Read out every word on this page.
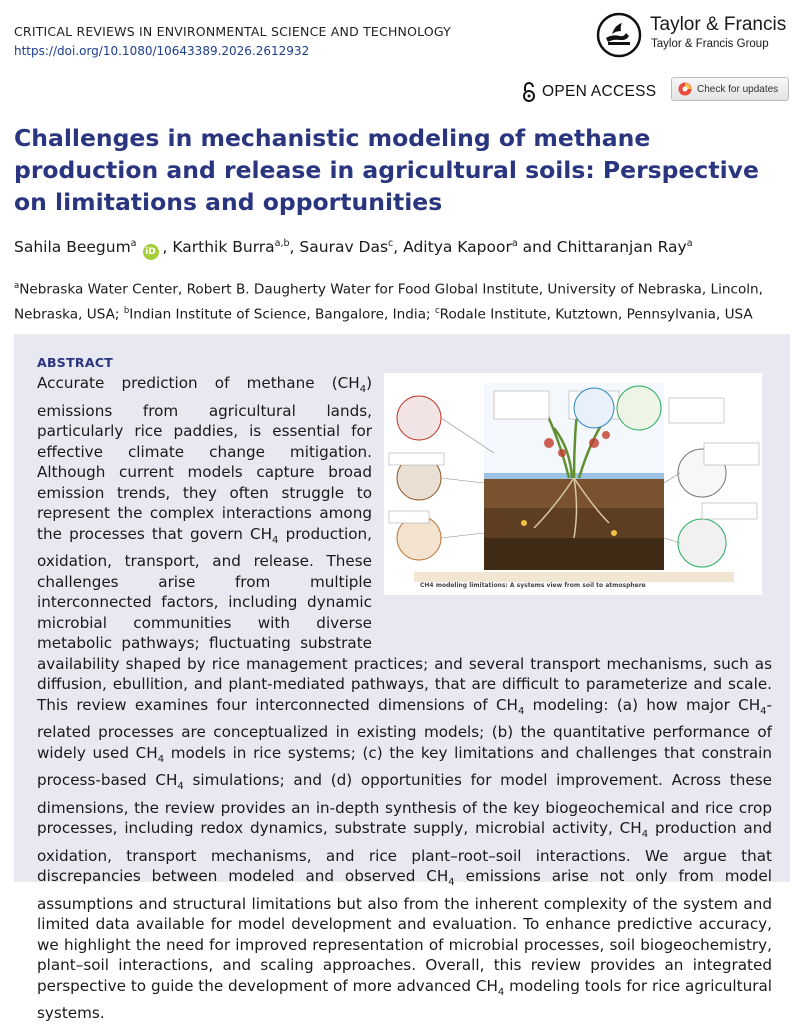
CRITICAL REVIEWS IN ENVIRONMENTAL SCIENCE AND TECHNOLOGY
https://doi.org/10.1080/10643389.2026.2612932
Taylor & Francis
Taylor & Francis Group
OPEN ACCESS	Check for updates
Challenges in mechanistic modeling of methane production and release in agricultural soils: Perspective on limitations and opportunities
Sahila Beegum$^a$iD , Karthik Burra$^{a,b}$, Saurav Das$^c$, Aditya Kapoor$^a$ and Chittaranjan Ray$^a$
$^a$Nebraska Water Center, Robert B. Daugherty Water for Food Global Institute, University of Nebraska, Lincoln, Nebraska, USA; $^b$Indian Institute of Science, Bangalore, India; $^c$Rodale Institute, Kutztown, Pennsylvania, USA
ABSTRACT

CH4 modeling limitations: A systems view from soil to atmosphere
Accurate prediction of methane $(CH_4)$ emissions from agricultural lands, particularly rice paddies, is essential for effective climate change mitigation. Although current models capture broad emission trends, they often struggle to represent the complex interactions among the processes that govern $CH_4$ production, oxidation, transport, and release. These challenges arise from multiple interconnected factors, including dynamic microbial communities with diverse metabolic pathways; fluctuating substrate availability shaped by rice management practices; and several transport mechanisms, such as diffusion, ebullition, and plant-mediated pathways, that are difficult to parameterize and scale. This review examines four interconnected dimensions of $CH_4$ modeling: (a) how major $CH_4$-related processes are conceptualized in existing models; (b) the quantitative performance of widely used $CH_4$ models in rice systems; (c) the key limitations and challenges that constrain process-based $CH_4$ simulations; and (d) opportunities for model improvement. Across these dimensions, the review provides an in-depth synthesis of the key biogeochemical and rice crop processes, including redox dynamics, substrate supply, microbial activity, $CH_4$ production and oxidation, transport mechanisms, and rice plant–root–soil interactions. We argue that discrepancies between modeled and observed $CH_4$ emissions arise not only from model assumptions and structural limitations but also from the inherent complexity of the system and limited data available for model development and evaluation. To enhance predictive accuracy, we highlight the need for improved representation of microbial processes, soil biogeochemistry, plant–soil interactions, and scaling approaches. Overall, this review provides an integrated perspective to guide the development of more advanced $CH_4$ modeling tools for rice agricultural systems.
